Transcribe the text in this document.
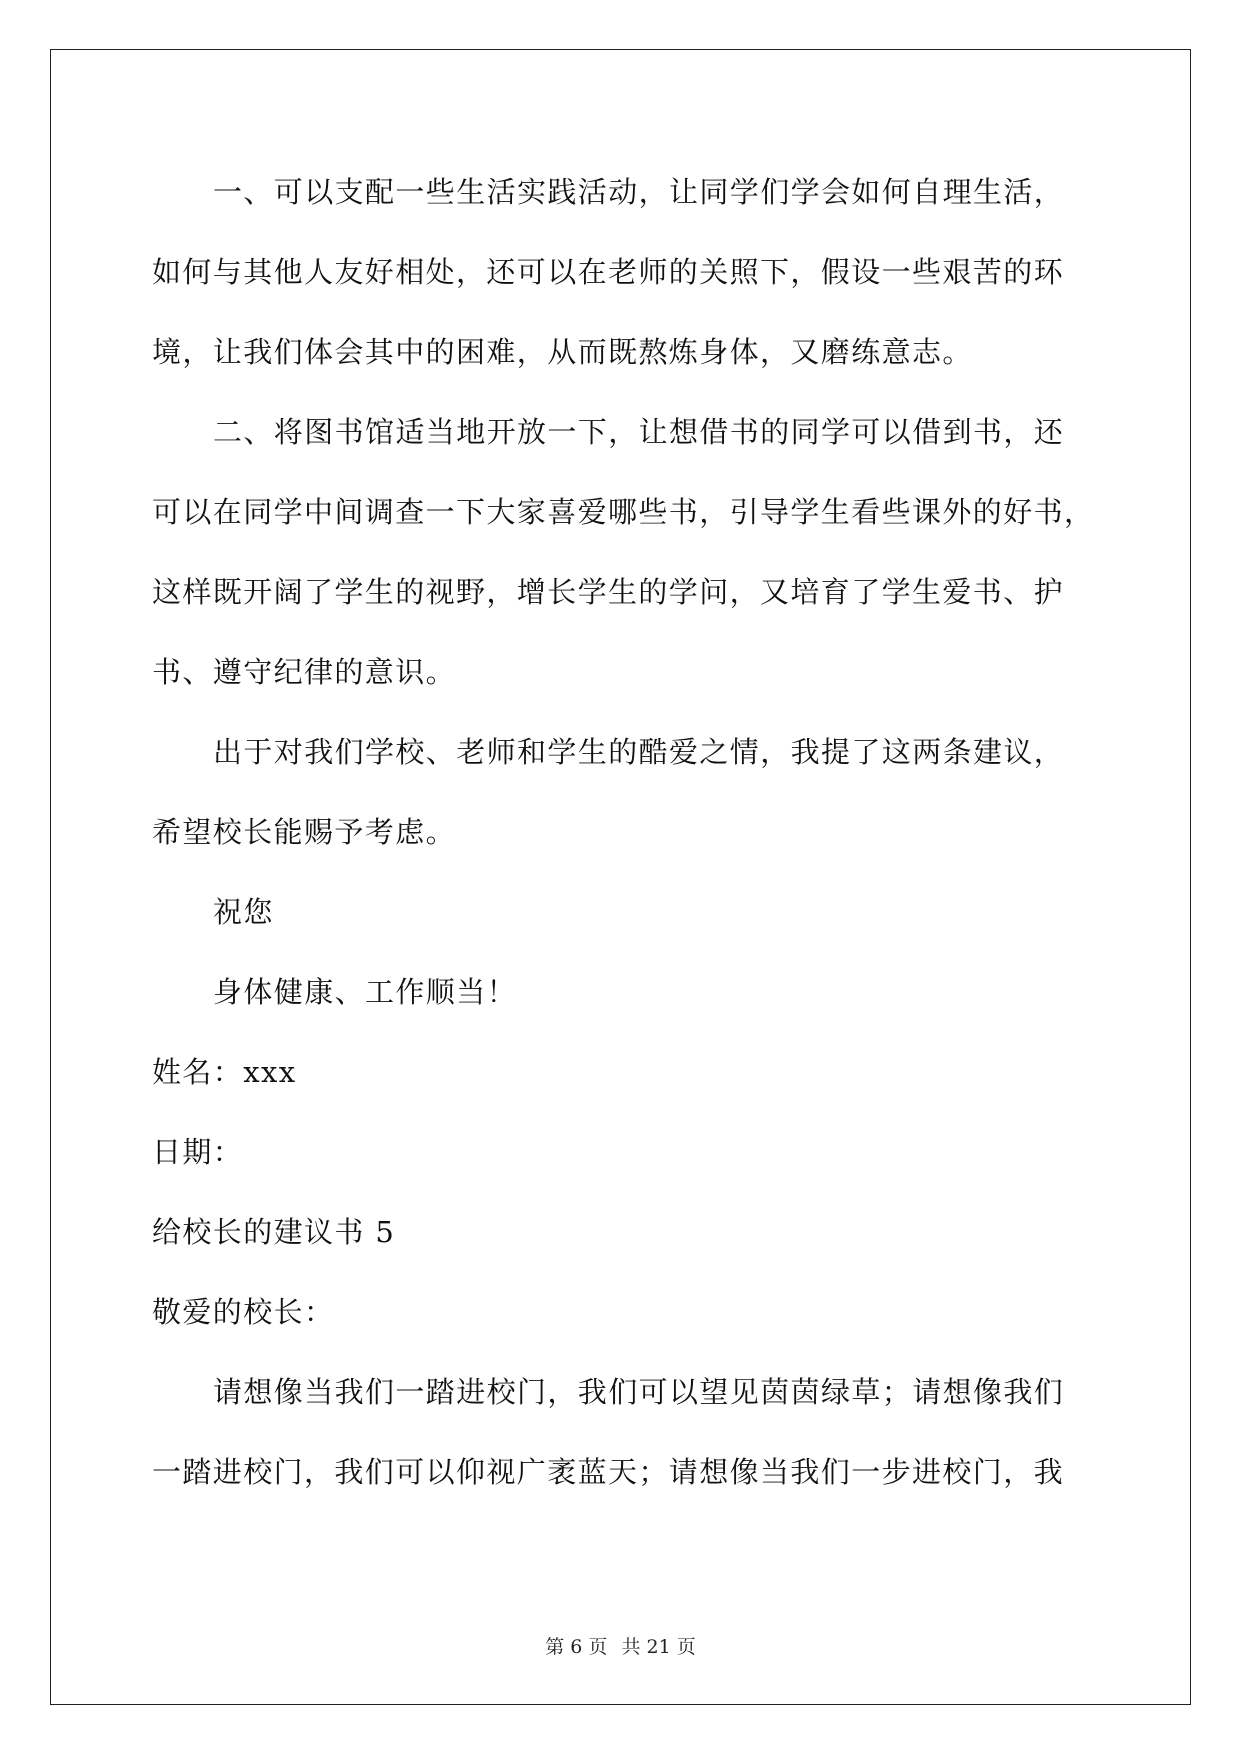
一、可以支配一些生活实践活动，让同学们学会如何自理生活，
如何与其他人友好相处，还可以在老师的关照下，假设一些艰苦的环
境，让我们体会其中的困难，从而既熬炼身体，又磨练意志。
二、将图书馆适当地开放一下，让想借书的同学可以借到书，还
可以在同学中间调查一下大家喜爱哪些书，引导学生看些课外的好书，
这样既开阔了学生的视野，增长学生的学问，又培育了学生爱书、护
书、遵守纪律的意识。
出于对我们学校、老师和学生的酷爱之情，我提了这两条建议，
希望校长能赐予考虑。
祝您
身体健康、工作顺当！
姓名：xxx
日期：
给校长的建议书 5
敬爱的校长：
请想像当我们一踏进校门，我们可以望见茵茵绿草；请想像我们
一踏进校门，我们可以仰视广袤蓝天；请想像当我们一步进校门，我
第 6 页 共 21 页
